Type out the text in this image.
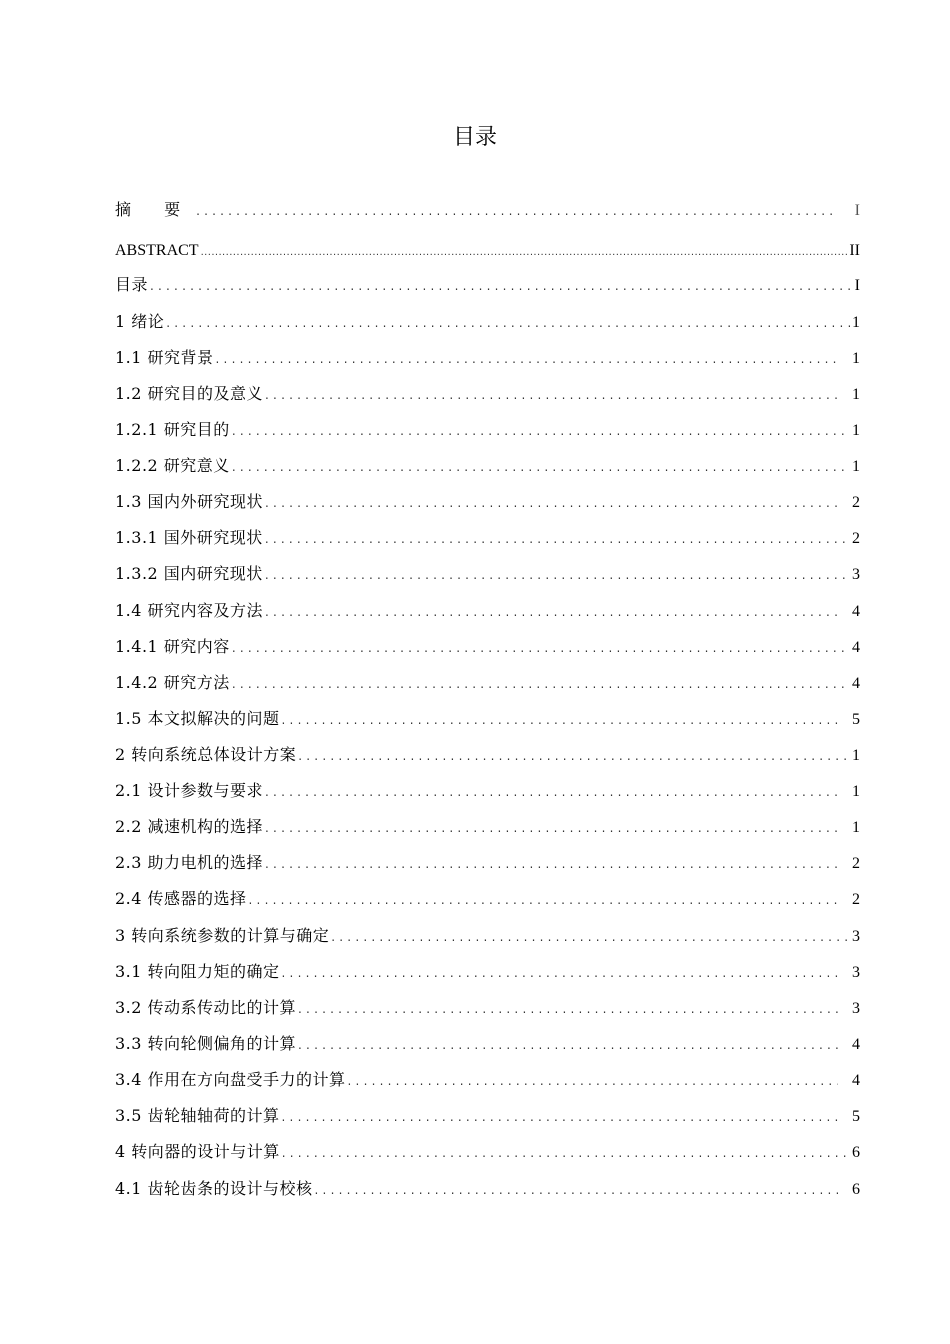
目录
摘 要 .....	I
ABSTRACT .....	II
目录 .....	I
1 绪论 .....	1
1.1 研究背景 .....	1
1.2 研究目的及意义 .....	1
1.2.1 研究目的 .....	1
1.2.2 研究意义 .....	1
1.3 国内外研究现状 .....	2
1.3.1 国外研究现状 .....	2
1.3.2 国内研究现状 .....	3
1.4 研究内容及方法 .....	4
1.4.1 研究内容 .....	4
1.4.2 研究方法 .....	4
1.5 本文拟解决的问题 .....	5
2 转向系统总体设计方案 .....	1
2.1 设计参数与要求 .....	1
2.2 减速机构的选择 .....	1
2.3 助力电机的选择 .....	2
2.4 传感器的选择 .....	2
3 转向系统参数的计算与确定 .....	3
3.1 转向阻力矩的确定 .....	3
3.2 传动系传动比的计算 .....	3
3.3 转向轮侧偏角的计算 .....	4
3.4 作用在方向盘受手力的计算 .....	4
3.5 齿轮轴轴荷的计算 .....	5
4 转向器的设计与计算 .....	6
4.1 齿轮齿条的设计与校核 .....	6
